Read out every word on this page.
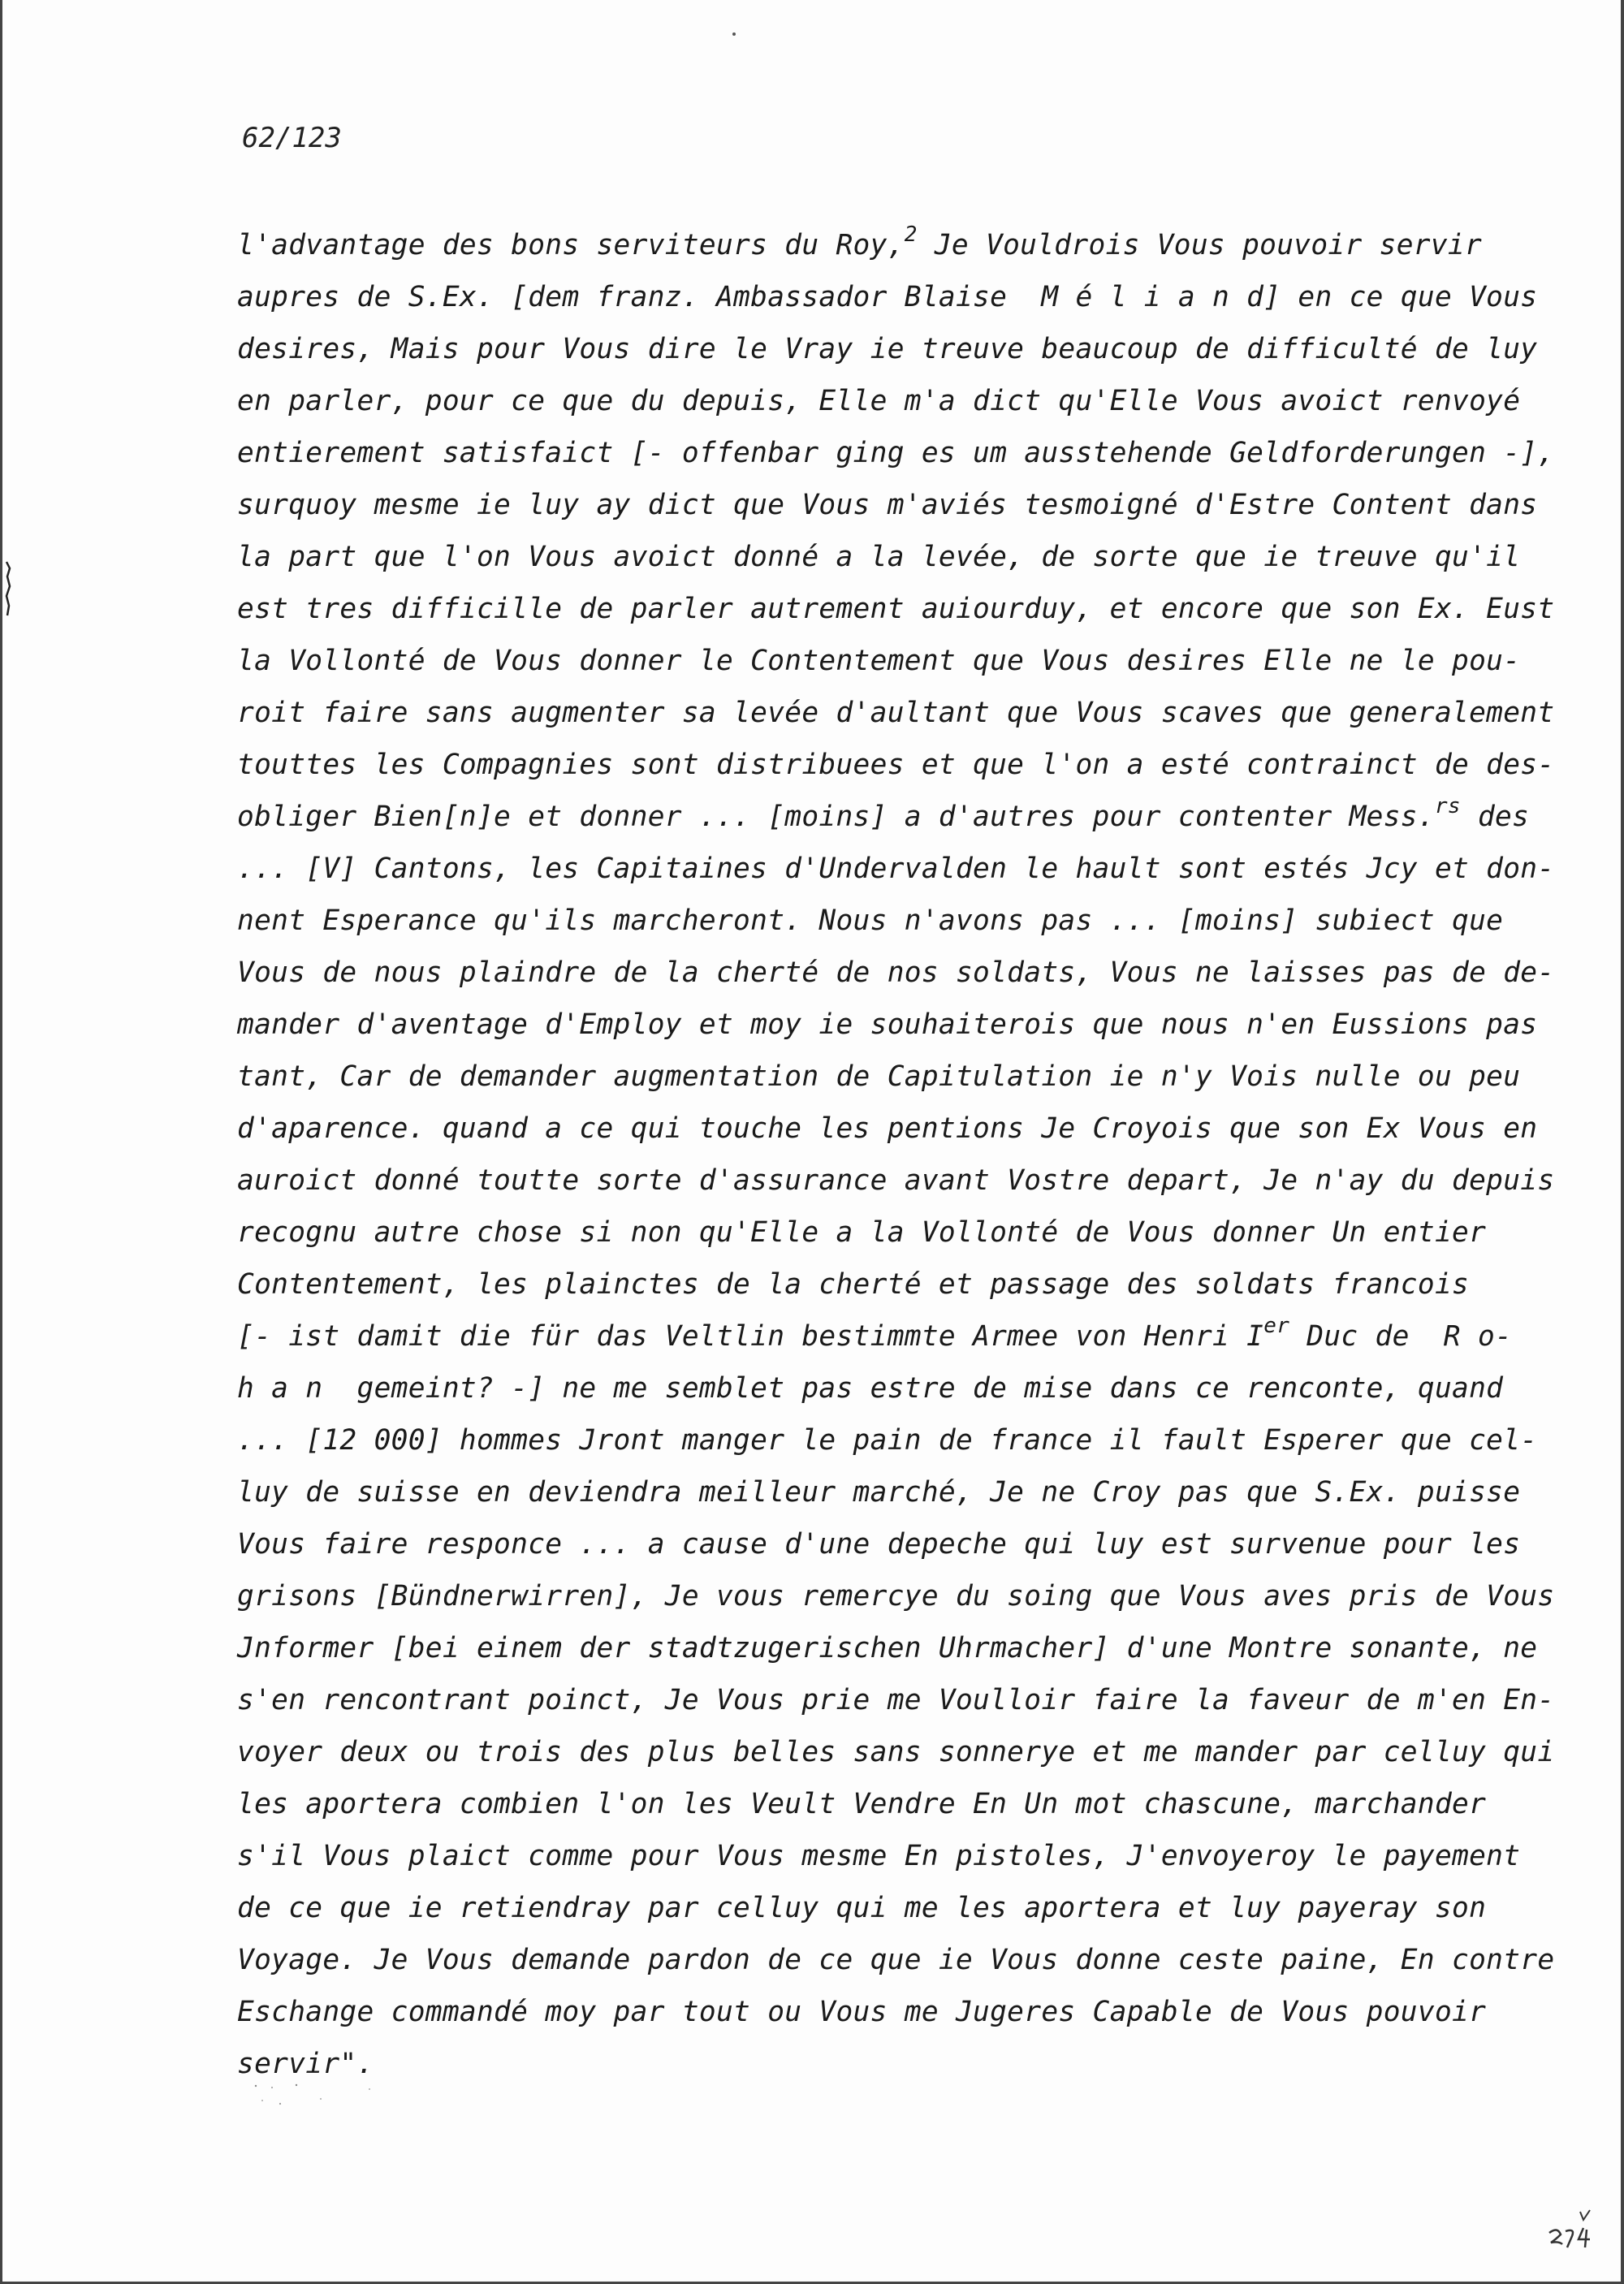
62/123
l'advantage des bons serviteurs du Roy,$^2$ Je Vouldrois Vous pouvoir servir
aupres de S.Ex. [dem franz. Ambassador Blaise  M é l i a n d] en ce que Vous
desires, Mais pour Vous dire le Vray ie treuve beaucoup de difficulté de luy
en parler, pour ce que du depuis, Elle m'a dict qu'Elle Vous avoict renvoyé
entierement satisfaict [- offenbar ging es um ausstehende Geldforderungen -],
surquoy mesme ie luy ay dict que Vous m'aviés tesmoigné d'Estre Content dans
la part que l'on Vous avoict donné a la levée, de sorte que ie treuve qu'il
est tres difficille de parler autrement auiourduy, et encore que son Ex. Eust
la Vollonté de Vous donner le Contentement que Vous desires Elle ne le pou-
roit faire sans augmenter sa levée d'aultant que Vous scaves que generalement
touttes les Compagnies sont distribuees et que l'on a esté contrainct de des-
obliger Bien[n]e et donner ... [moins] a d'autres pour contenter Mess.$^{rs}$ des
... [V] Cantons, les Capitaines d'Undervalden le hault sont estés Jcy et don-
nent Esperance qu'ils marcheront. Nous n'avons pas ... [moins] subiect que
Vous de nous plaindre de la cherté de nos soldats, Vous ne laisses pas de de-
mander d'aventage d'Employ et moy ie souhaiterois que nous n'en Eussions pas
tant, Car de demander augmentation de Capitulation ie n'y Vois nulle ou peu
d'aparence. quand a ce qui touche les pentions Je Croyois que son Ex Vous en
auroict donné toutte sorte d'assurance avant Vostre depart, Je n'ay du depuis
recognu autre chose si non qu'Elle a la Vollonté de Vous donner Un entier
Contentement, les plainctes de la cherté et passage des soldats francois
[- ist damit die für das Veltlin bestimmte Armee von Henri Ier Duc de  R o-
h a n  gemeint? -] ne me semblet pas estre de mise dans ce renconte, quand
... [12 000] hommes Jront manger le pain de france il fault Esperer que cel-
luy de suisse en deviendra meilleur marché, Je ne Croy pas que S.Ex. puisse
Vous faire responce ... a cause d'une depeche qui luy est survenue pour les
grisons [Bündnerwirren], Je vous remercye du soing que Vous aves pris de Vous
Jnformer [bei einem der stadtzugerischen Uhrmacher] d'une Montre sonante, ne
s'en rencontrant poinct, Je Vous prie me Voulloir faire la faveur de m'en En-
voyer deux ou trois des plus belles sans sonnerye et me mander par celluy qui
les aportera combien l'on les Veult Vendre En Un mot chascune, marchander
s'il Vous plaict comme pour Vous mesme En pistoles, J'envoyeroy le payement
de ce que ie retiendray par celluy qui me les aportera et luy payeray son
Voyage. Je Vous demande pardon de ce que ie Vous donne ceste paine, En contre
Eschange commandé moy par tout ou Vous me Jugeres Capable de Vous pouvoir
servir".
